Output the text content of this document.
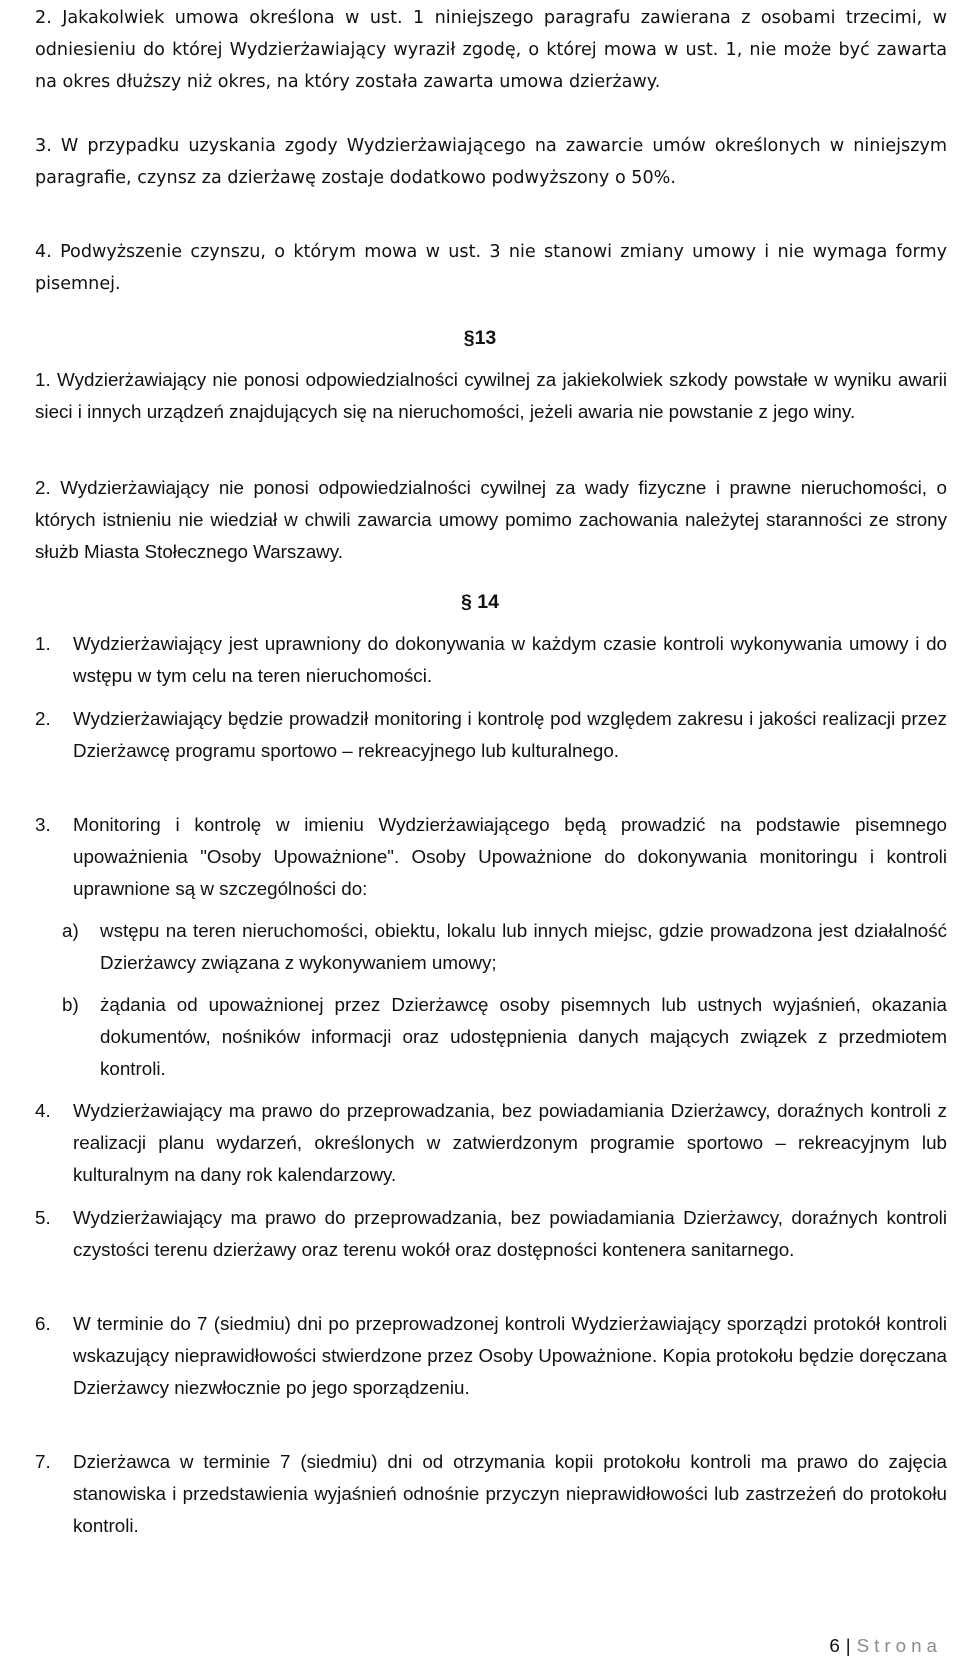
2. Jakakolwiek umowa określona w ust. 1 niniejszego paragrafu zawierana z osobami trzecimi, w odniesieniu do której Wydzierżawiający wyraził zgodę, o której mowa w ust. 1, nie może być zawarta na okres dłuższy niż okres, na który została zawarta umowa dzierżawy.
3. W przypadku uzyskania zgody Wydzierżawiającego na zawarcie umów określonych w niniejszym paragrafie, czynsz za dzierżawę zostaje dodatkowo podwyższony o 50%.
4. Podwyższenie czynszu, o którym mowa w ust. 3 nie stanowi zmiany umowy i nie wymaga formy pisemnej.
§13
1. Wydzierżawiający nie ponosi odpowiedzialności cywilnej za jakiekolwiek szkody powstałe w wyniku awarii sieci i innych urządzeń znajdujących się na nieruchomości, jeżeli awaria nie powstanie z jego winy.
2. Wydzierżawiający nie ponosi odpowiedzialności cywilnej za wady fizyczne i prawne nieruchomości, o których istnieniu nie wiedział w chwili zawarcia umowy pomimo zachowania należytej staranności ze strony służb Miasta Stołecznego Warszawy.
§ 14
1. Wydzierżawiający jest uprawniony do dokonywania w każdym czasie kontroli wykonywania umowy i do wstępu w tym celu na teren nieruchomości.
2. Wydzierżawiający będzie prowadził monitoring i kontrolę pod względem zakresu i jakości realizacji przez Dzierżawcę programu sportowo – rekreacyjnego lub kulturalnego.
3. Monitoring i kontrolę w imieniu Wydzierżawiającego będą prowadzić na podstawie pisemnego upoważnienia "Osoby Upoważnione". Osoby Upoważnione do dokonywania monitoringu i kontroli uprawnione są w szczególności do:
a) wstępu na teren nieruchomości, obiektu, lokalu lub innych miejsc, gdzie prowadzona jest działalność Dzierżawcy związana z wykonywaniem umowy;
b) żądania od upoważnionej przez Dzierżawcę osoby pisemnych lub ustnych wyjaśnień, okazania dokumentów, nośników informacji oraz udostępnienia danych mających związek z przedmiotem kontroli.
4. Wydzierżawiający ma prawo do przeprowadzania, bez powiadamiania Dzierżawcy, doraźnych kontroli z realizacji planu wydarzeń, określonych w zatwierdzonym programie sportowo – rekreacyjnym lub kulturalnym na dany rok kalendarzowy.
5. Wydzierżawiający ma prawo do przeprowadzania, bez powiadamiania Dzierżawcy, doraźnych kontroli czystości terenu dzierżawy oraz terenu wokół oraz dostępności kontenera sanitarnego.
6. W terminie do 7 (siedmiu) dni po przeprowadzonej kontroli Wydzierżawiający sporządzi protokół kontroli wskazujący nieprawidłowości stwierdzone przez Osoby Upoważnione. Kopia protokołu będzie doręczana Dzierżawcy niezwłocznie po jego sporządzeniu.
7. Dzierżawca w terminie 7 (siedmiu) dni od otrzymania kopii protokołu kontroli ma prawo do zajęcia stanowiska i przedstawienia wyjaśnień odnośnie przyczyn nieprawidłowości lub zastrzeżeń do protokołu kontroli.
6 | Strona
